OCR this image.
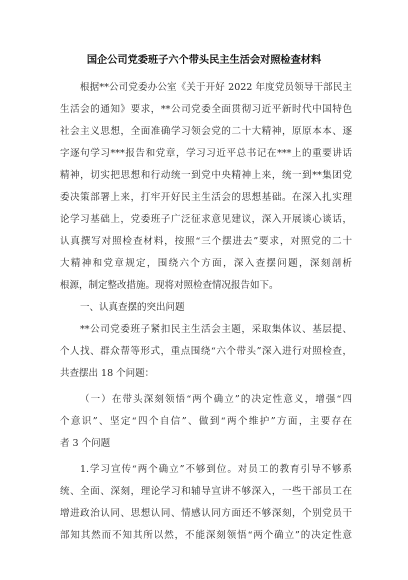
国企公司党委班子六个带头民主生活会对照检查材料
根据**公司党委办公室《关于开好 2022 年度党员领导干部民主
生活会的通知》要求，**公司党委全面贯彻习近平新时代中国特色
社会主义思想，全面准确学习领会党的二十大精神，原原本本、逐
字逐句学习***报告和党章，学习习近平总书记在***上的重要讲话
精神，切实把思想和行动统一到党中央精神上来，统一到**集团党
委决策部署上来，打牢开好民主生活会的思想基础。在深入扎实理
论学习基础上，党委班子广泛征求意见建议，深入开展谈心谈话，
认真撰写对照检查材料，按照“三个摆进去”要求，对照党的二十
大精神和党章规定，围绕六个方面，深入查摆问题，深刻剖析
根源，制定整改措施。现将对照检查情况报告如下。
一、认真查摆的突出问题
**公司党委班子紧扣民主生活会主题，采取集体议、基层提、
个人找、群众帮等形式，重点围绕“六个带头”深入进行对照检查，
共查摆出 18 个问题：
（一）在带头深刻领悟“两个确立”的决定性意义，增强“四
个意识”、坚定“四个自信”、做到“两个维护”方面，主要存在
者 3 个问题
1.学习宣传“两个确立”不够到位。对员工的教育引导不够系
统、全面、深刻，理论学习和辅导宣讲不够深入，一些干部员工在
增进政治认同、思想认同、情感认同方面还不够深刻，个别党员干
部知其然而不知其所以然，不能深刻领悟“两个确立”的决定性意
